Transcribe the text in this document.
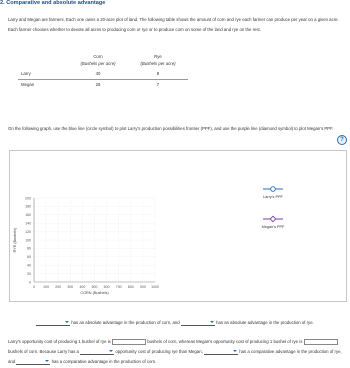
2. Comparative and absolute advantage
Larry and Megan are farmers. Each one owns a 20-acre plot of land. The following table shows the amount of corn and rye each farmer can produce per year on a given acre. Each farmer chooses whether to devote all acres to producing corn or rye or to produce corn on some of the land and rye on the rest.
	Corn	Rye
	(Bushels per acre)	(Bushels per acre)
Larry	40	8
Megan	28	7
On the following graph, use the blue line (circle symbol) to plot Larry's production possibilities frontier (PPF), and use the purple line (diamond symbol) to plot Megan's PPF.
?
0
20
40
60
80
100
120
140
160
180
200
0 100 200 300 400 500 600 700 800 900 1000
CORN (Bushels)
RYE (Bushels)
Larry's PPF
Megan's PPF
has an absolute advantage in the production of corn, and	has an absolute advantage in the production of rye.
Larry's opportunity cost of producing 1 bushel of rye is	bushels of corn, whereas Megan's opportunity cost of producing 1 bushel of rye is  bushels of corn. Because Larry has a	opportunity cost of producing rye than Megan,	has a comparative advantage in the production of rye, and	has a comparative advantage in the production of corn.
